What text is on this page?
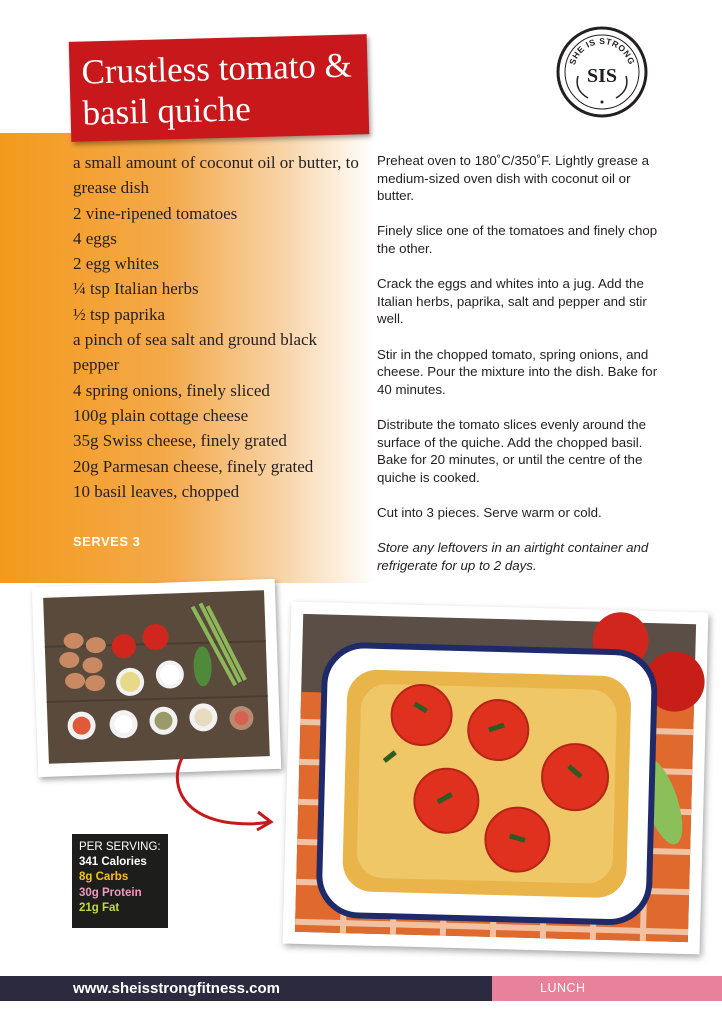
Crustless tomato & basil quiche
SHE IS STRONG
SIS
a small amount of coconut oil or butter, to grease dish
2 vine-ripened tomatoes
4 eggs
2 egg whites
¼ tsp Italian herbs
½ tsp paprika
a pinch of sea salt and ground black pepper
4 spring onions, finely sliced
100g plain cottage cheese
35g Swiss cheese, finely grated
20g Parmesan cheese, finely grated
10 basil leaves, chopped
SERVES 3

Preheat oven to 180˚C/350˚F. Lightly grease a medium-sized oven dish with coconut oil or butter.

Finely slice one of the tomatoes and finely chop the other.

Crack the eggs and whites into a jug. Add the Italian herbs, paprika, salt and pepper and stir well.

Stir in the chopped tomato, spring onions, and cheese. Pour the mixture into the dish. Bake for 40 minutes.

Distribute the tomato slices evenly around the surface of the quiche. Add the chopped basil. Bake for 20 minutes, or until the centre of the quiche is cooked.

Cut into 3 pieces. Serve warm or cold.

Store any leftovers in an airtight container and refrigerate for up to 2 days.

PER SERVING:
341 Calories
8g Carbs
30g Protein
21g Fat
www.sheisstrongfitness.com	LUNCH
